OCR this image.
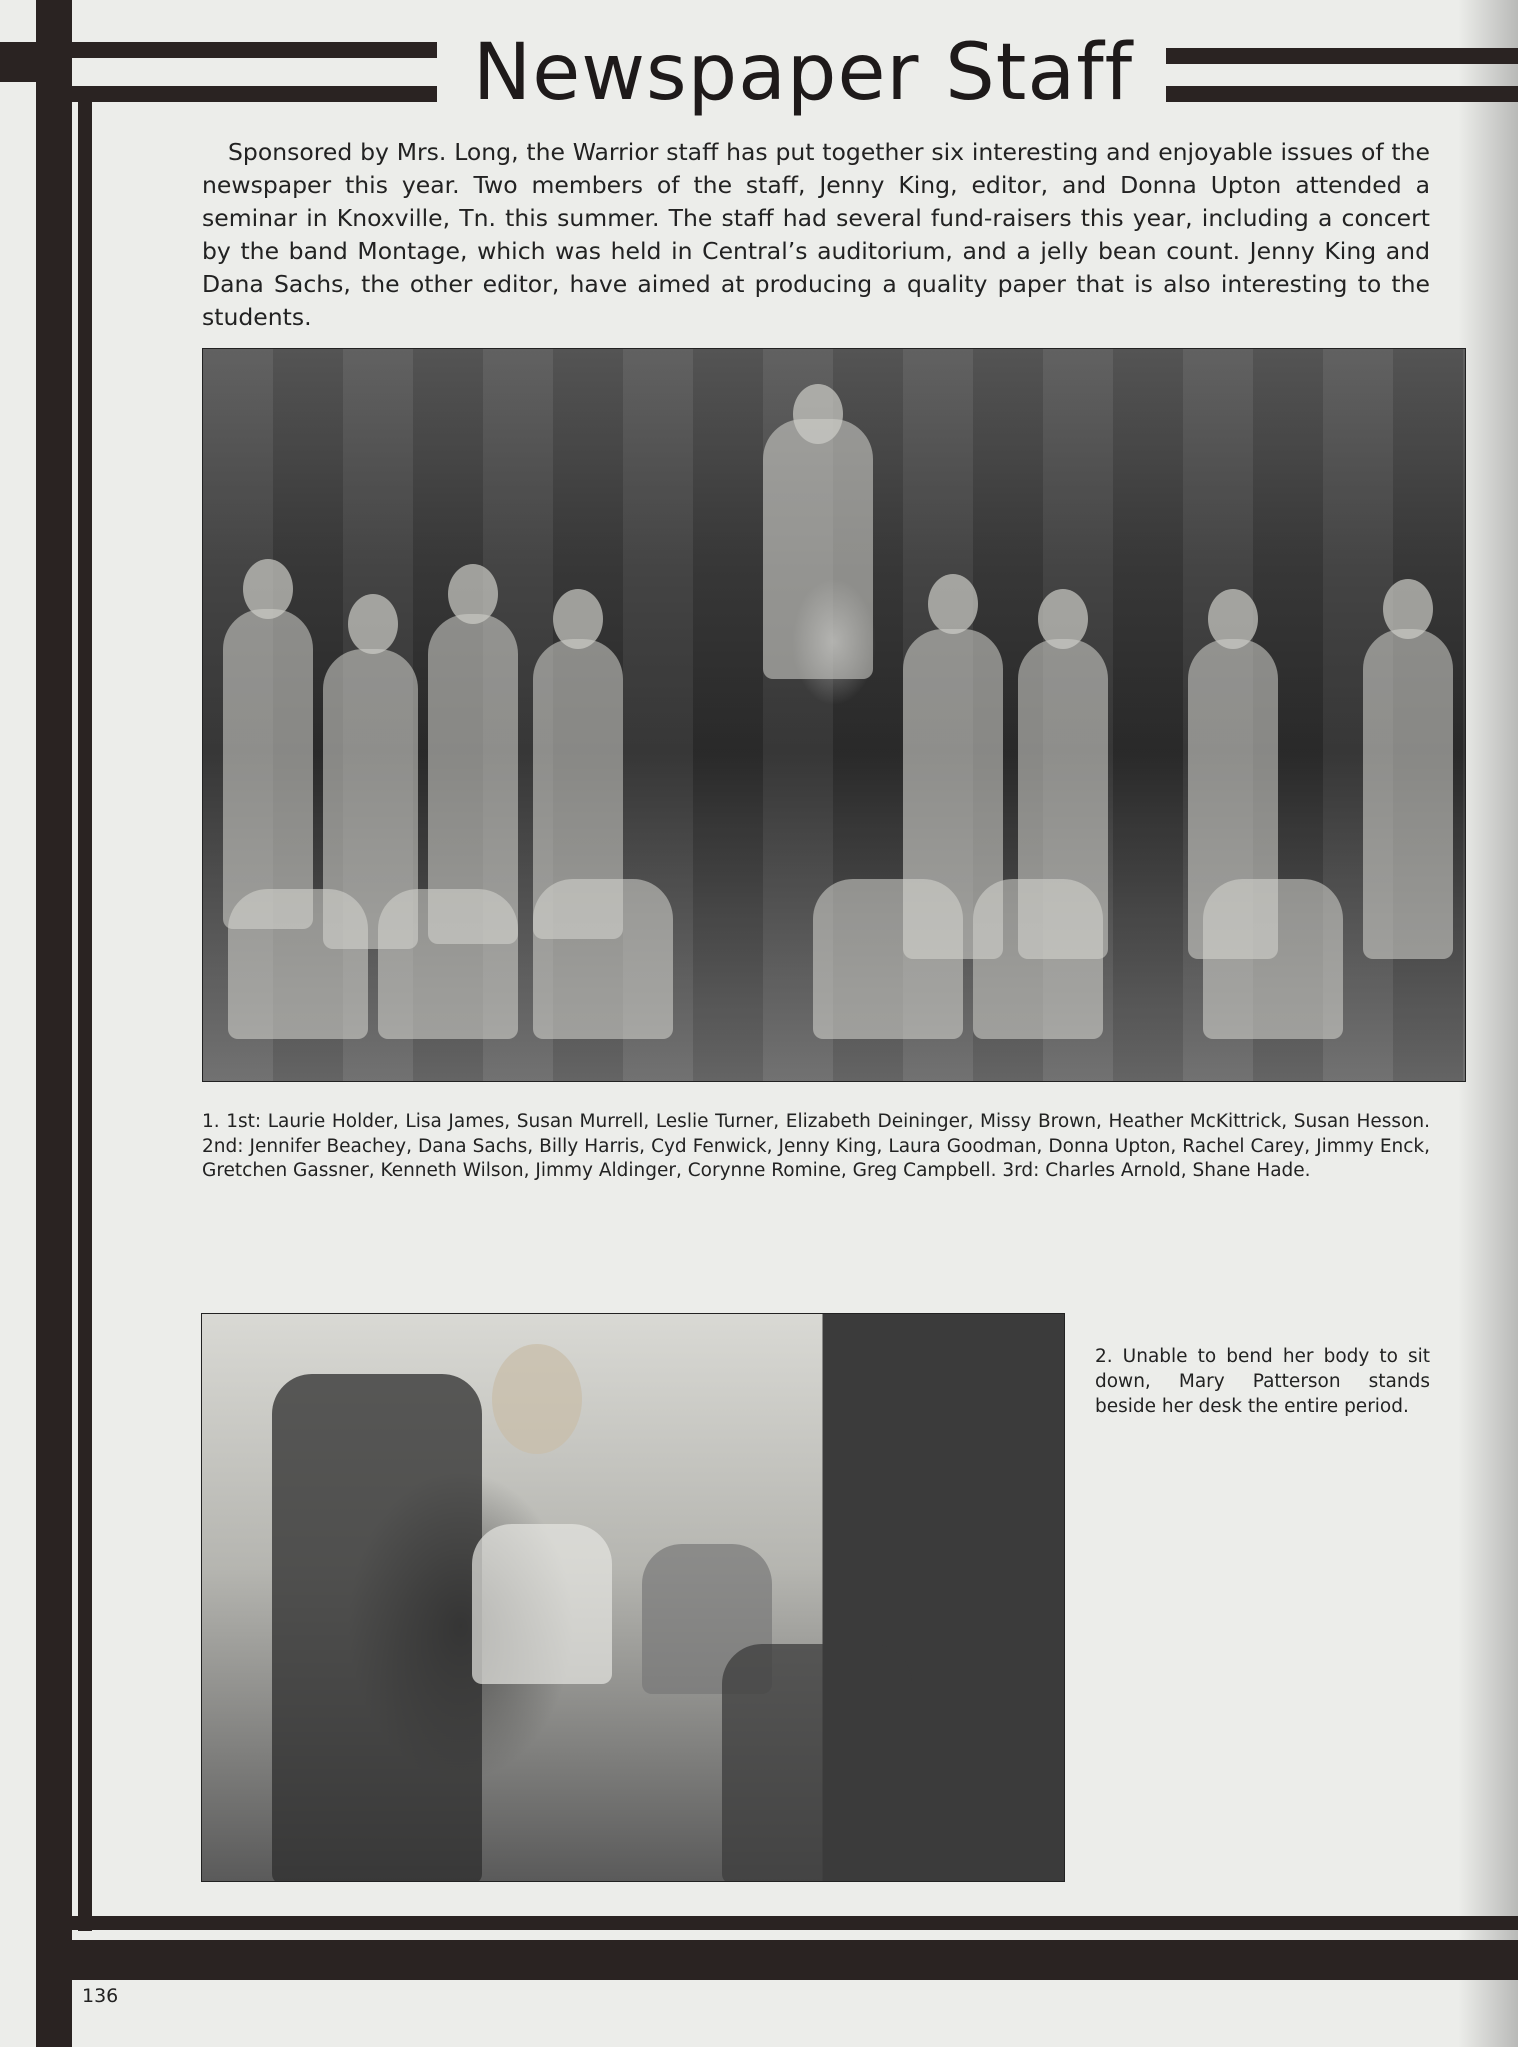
Newspaper Staff

Sponsored by Mrs. Long, the Warrior staff has put together six interesting and enjoyable issues of the newspaper this year. Two members of the staff, Jenny King, editor, and Donna Upton attended a seminar in Knoxville, Tn. this summer. The staff had several fund-raisers this year, including a concert by the band Montage, which was held in Central’s auditorium, and a jelly bean count. Jenny King and Dana Sachs, the other editor, have aimed at producing a quality paper that is also interesting to the students.

1. 1st: Laurie Holder, Lisa James, Susan Murrell, Leslie Turner, Elizabeth Deininger, Missy Brown, Heather McKittrick, Susan Hesson. 2nd: Jennifer Beachey, Dana Sachs, Billy Harris, Cyd Fenwick, Jenny King, Laura Goodman, Donna Upton, Rachel Carey, Jimmy Enck, Gretchen Gassner, Kenneth Wilson, Jimmy Aldinger, Corynne Romine, Greg Campbell. 3rd: Charles Arnold, Shane Hade.

2. Unable to bend her body to sit down, Mary Patterson stands beside her desk the entire period.

136
